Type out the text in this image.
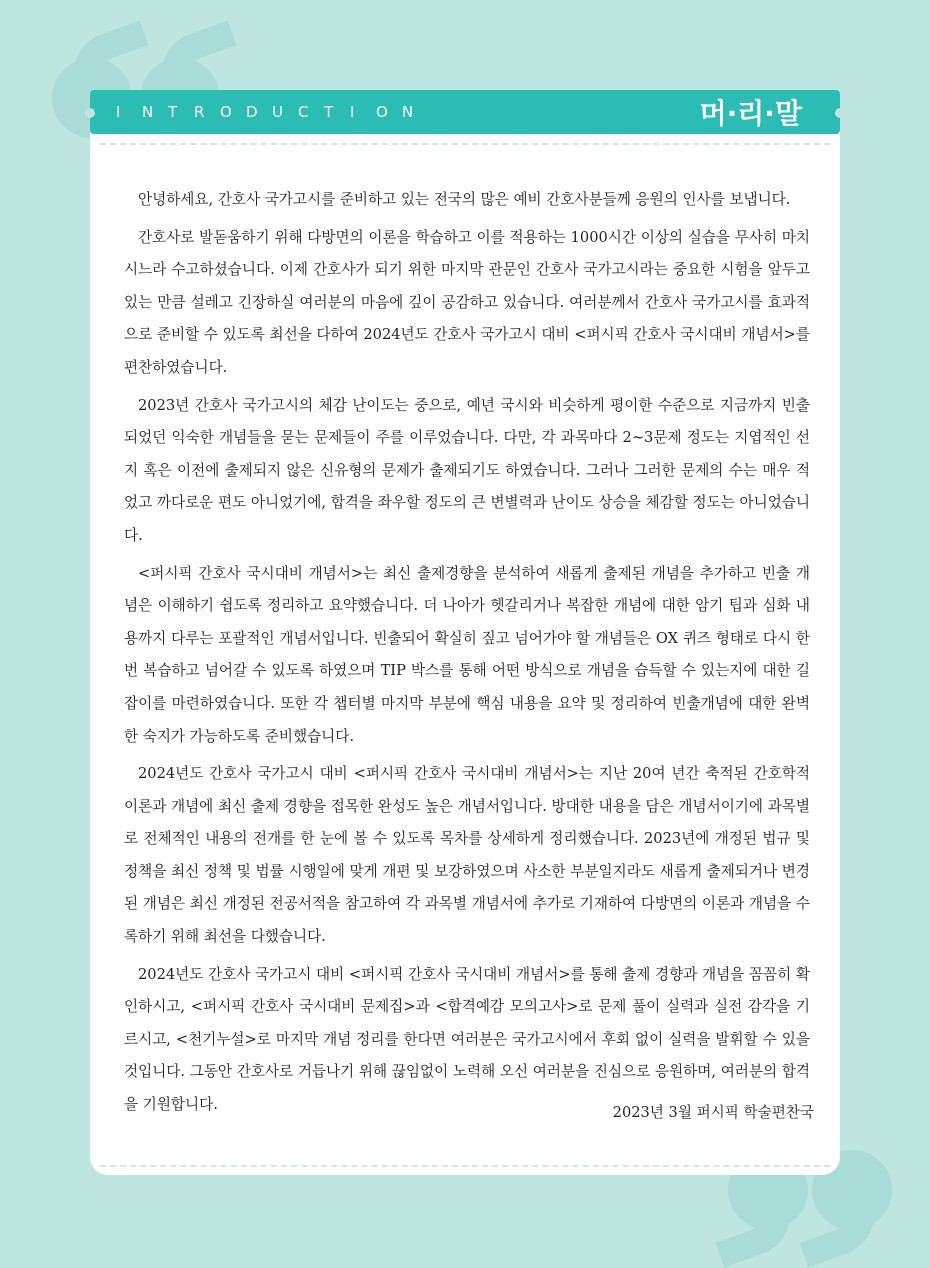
I N T R O D U C T I O N	머·리·말

안녕하세요, 간호사 국가고시를 준비하고 있는 전국의 많은 예비 간호사분들께 응원의 인사를 보냅니다.

간호사로 발돋움하기 위해 다방면의 이론을 학습하고 이를 적용하는 1000시간 이상의 실습을 무사히 마치시느라 수고하셨습니다. 이제 간호사가 되기 위한 마지막 관문인 간호사 국가고시라는 중요한 시험을 앞두고 있는 만큼 설레고 긴장하실 여러분의 마음에 깊이 공감하고 있습니다. 여러분께서 간호사 국가고시를 효과적으로 준비할 수 있도록 최선을 다하여 2024년도 간호사 국가고시 대비 <퍼시픽 간호사 국시대비 개념서>를 편찬하였습니다.

2023년 간호사 국가고시의 체감 난이도는 중으로, 예년 국시와 비슷하게 평이한 수준으로 지금까지 빈출되었던 익숙한 개념들을 묻는 문제들이 주를 이루었습니다. 다만, 각 과목마다 2~3문제 정도는 지엽적인 선지 혹은 이전에 출제되지 않은 신유형의 문제가 출제되기도 하였습니다. 그러나 그러한 문제의 수는 매우 적었고 까다로운 편도 아니었기에, 합격을 좌우할 정도의 큰 변별력과 난이도 상승을 체감할 정도는 아니었습니다.

<퍼시픽 간호사 국시대비 개념서>는 최신 출제경향을 분석하여 새롭게 출제된 개념을 추가하고 빈출 개념은 이해하기 쉽도록 정리하고 요약했습니다. 더 나아가 헷갈리거나 복잡한 개념에 대한 암기 팁과 심화 내용까지 다루는 포괄적인 개념서입니다. 빈출되어 확실히 짚고 넘어가야 할 개념들은 OX 퀴즈 형태로 다시 한 번 복습하고 넘어갈 수 있도록 하였으며 TIP 박스를 통해 어떤 방식으로 개념을 습득할 수 있는지에 대한 길잡이를 마련하였습니다. 또한 각 챕터별 마지막 부분에 핵심 내용을 요약 및 정리하여 빈출개념에 대한 완벽한 숙지가 가능하도록 준비했습니다.

2024년도 간호사 국가고시 대비 <퍼시픽 간호사 국시대비 개념서>는 지난 20여 년간 축적된 간호학적 이론과 개념에 최신 출제 경향을 접목한 완성도 높은 개념서입니다. 방대한 내용을 담은 개념서이기에 과목별로 전체적인 내용의 전개를 한 눈에 볼 수 있도록 목차를 상세하게 정리했습니다. 2023년에 개정된 법규 및 정책을 최신 정책 및 법률 시행일에 맞게 개편 및 보강하였으며 사소한 부분일지라도 새롭게 출제되거나 변경된 개념은 최신 개정된 전공서적을 참고하여 각 과목별 개념서에 추가로 기재하여 다방면의 이론과 개념을 수록하기 위해 최선을 다했습니다.

2024년도 간호사 국가고시 대비 <퍼시픽 간호사 국시대비 개념서>를 통해 출제 경향과 개념을 꼼꼼히 확인하시고, <퍼시픽 간호사 국시대비 문제집>과 <합격예감 모의고사>로 문제 풀이 실력과 실전 감각을 기르시고, <천기누설>로 마지막 개념 정리를 한다면 여러분은 국가고시에서 후회 없이 실력을 발휘할 수 있을 것입니다. 그동안 간호사로 거듭나기 위해 끊임없이 노력해 오신 여러분을 진심으로 응원하며, 여러분의 합격을 기원합니다.	2023년 3월 퍼시픽 학술편찬국
